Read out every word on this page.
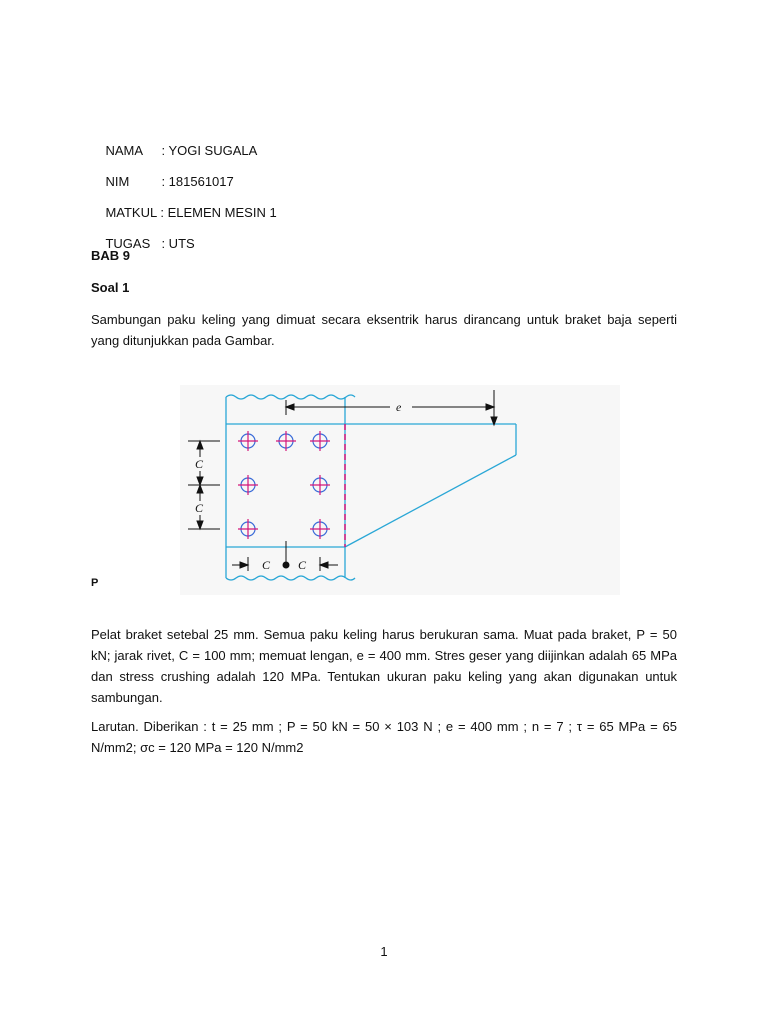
NAMA : YOGI SUGALA

NIM : 181561017

MATKUL : ELEMEN MESIN 1

TUGAS : UTS

BAB 9
Soal 1
Sambungan paku keling yang dimuat secara eksentrik harus dirancang untuk braket baja seperti yang ditunjukkan pada Gambar.
e
C
C
C C
P
Pelat braket setebal 25 mm. Semua paku keling harus berukuran sama. Muat pada braket, P = 50 kN; jarak rivet, C = 100 mm; memuat lengan, e = 400 mm. Stres geser yang diijinkan adalah 65 MPa dan stress crushing adalah 120 MPa. Tentukan ukuran paku keling yang akan digunakan untuk sambungan.
Larutan. Diberikan : t = 25 mm ; P = 50 kN = 50 × 103 N ; e = 400 mm ; n = 7 ; τ = 65 MPa = 65 N/mm2; σc = 120 MPa = 120 N/mm2
1
